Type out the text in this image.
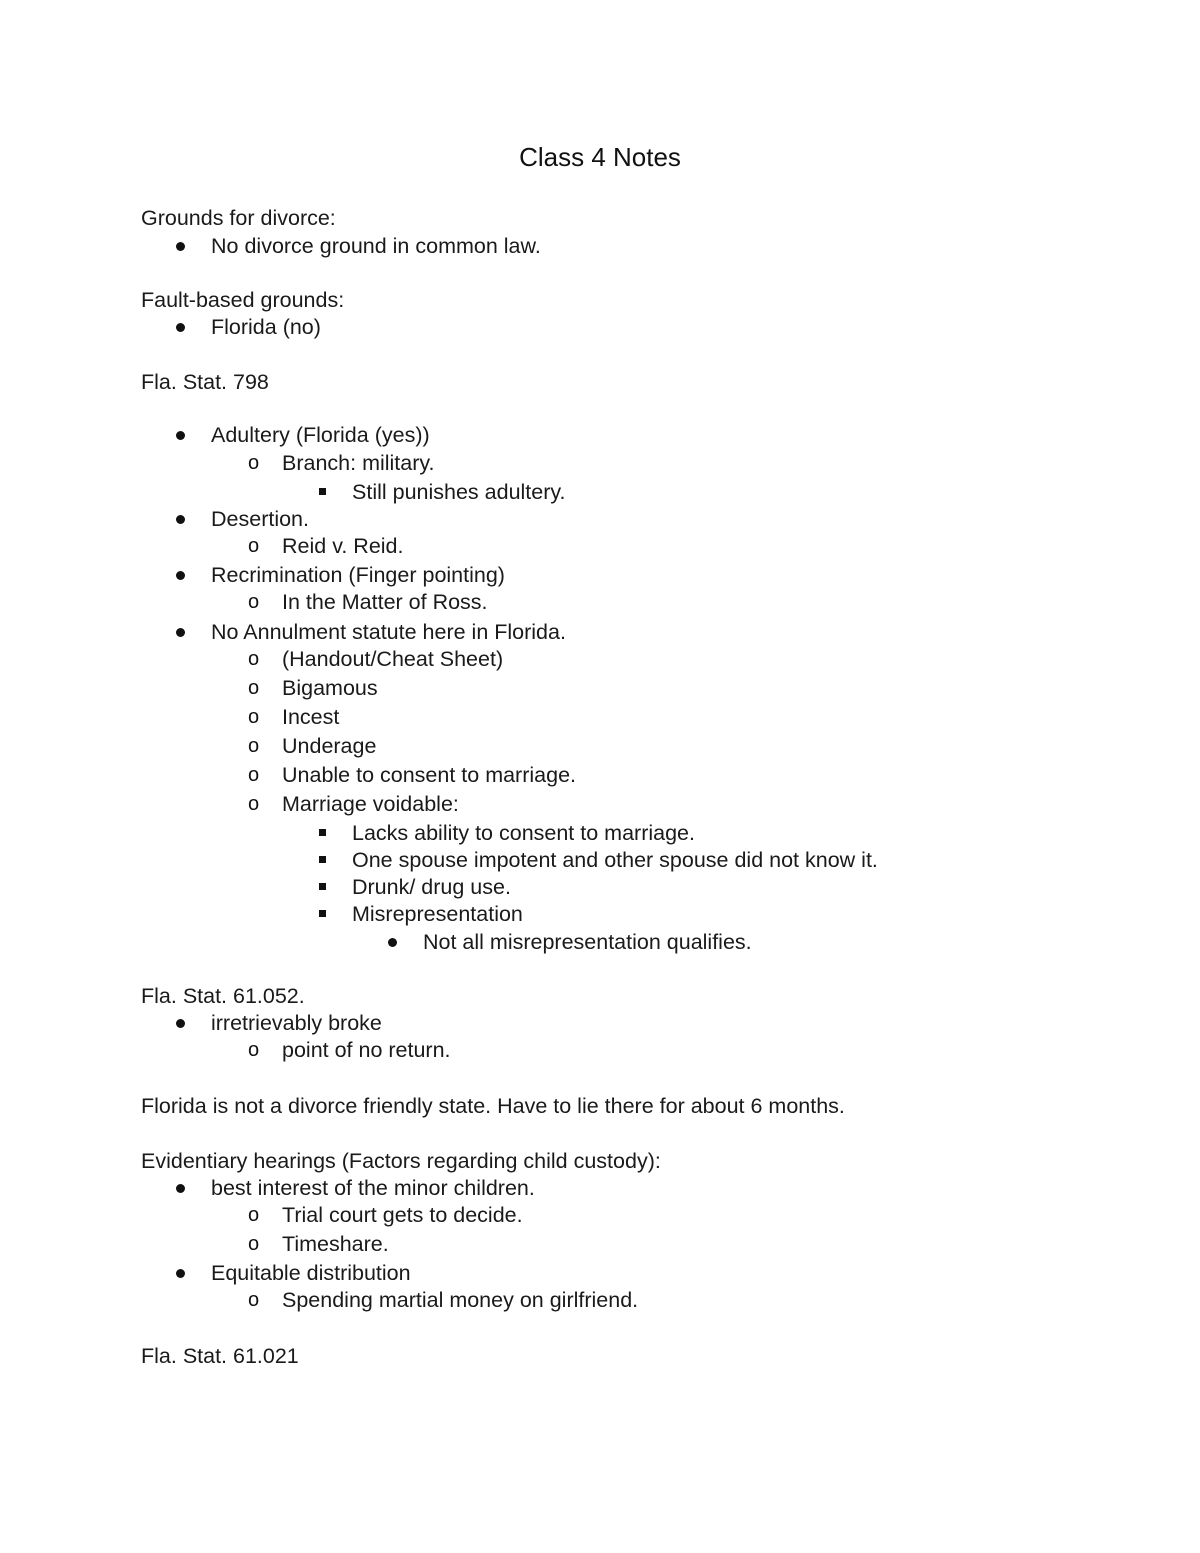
Class 4 Notes
Grounds for divorce:
No divorce ground in common law.
Fault-based grounds:
Florida (no)
Fla. Stat. 798
Adultery (Florida (yes))
o Branch: military.
Still punishes adultery.
Desertion.
o Reid v. Reid.
Recrimination (Finger pointing)
o In the Matter of Ross.
No Annulment statute here in Florida.
o (Handout/Cheat Sheet)
o Bigamous
o Incest
o Underage
o Unable to consent to marriage.
o Marriage voidable:
Lacks ability to consent to marriage.
One spouse impotent and other spouse did not know it.
Drunk/ drug use.
Misrepresentation
Not all misrepresentation qualifies.
Fla. Stat. 61.052.
irretrievably broke
o point of no return.
Florida is not a divorce friendly state. Have to lie there for about 6 months.
Evidentiary hearings (Factors regarding child custody):
best interest of the minor children.
o Trial court gets to decide.
o Timeshare.
Equitable distribution
o Spending martial money on girlfriend.
Fla. Stat. 61.021
